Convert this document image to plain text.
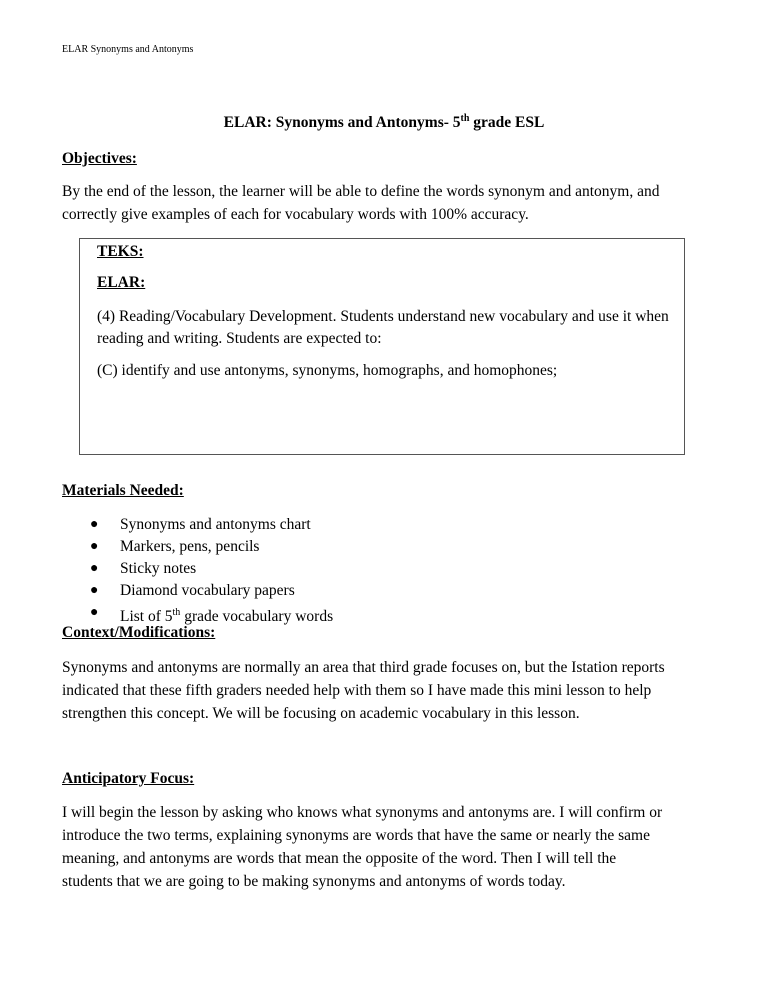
ELAR Synonyms and Antonyms
ELAR: Synonyms and Antonyms- 5th grade ESL
Objectives:
By the end of the lesson, the learner will be able to define the words synonym and antonym, and
correctly give examples of each for vocabulary words with 100% accuracy.
TEKS:
ELAR:
(4) Reading/Vocabulary Development. Students understand new vocabulary and use it when
reading and writing. Students are expected to:
(C) identify and use antonyms, synonyms, homographs, and homophones;
Materials Needed:
● Synonyms and antonyms chart
● Markers, pens, pencils
● Sticky notes
● Diamond vocabulary papers
● List of 5th grade vocabulary words
Context/Modifications:
Synonyms and antonyms are normally an area that third grade focuses on, but the Istation reports
indicated that these fifth graders needed help with them so I have made this mini lesson to help
strengthen this concept. We will be focusing on academic vocabulary in this lesson.
Anticipatory Focus:
I will begin the lesson by asking who knows what synonyms and antonyms are. I will confirm or
introduce the two terms, explaining synonyms are words that have the same or nearly the same
meaning, and antonyms are words that mean the opposite of the word. Then I will tell the
students that we are going to be making synonyms and antonyms of words today.
